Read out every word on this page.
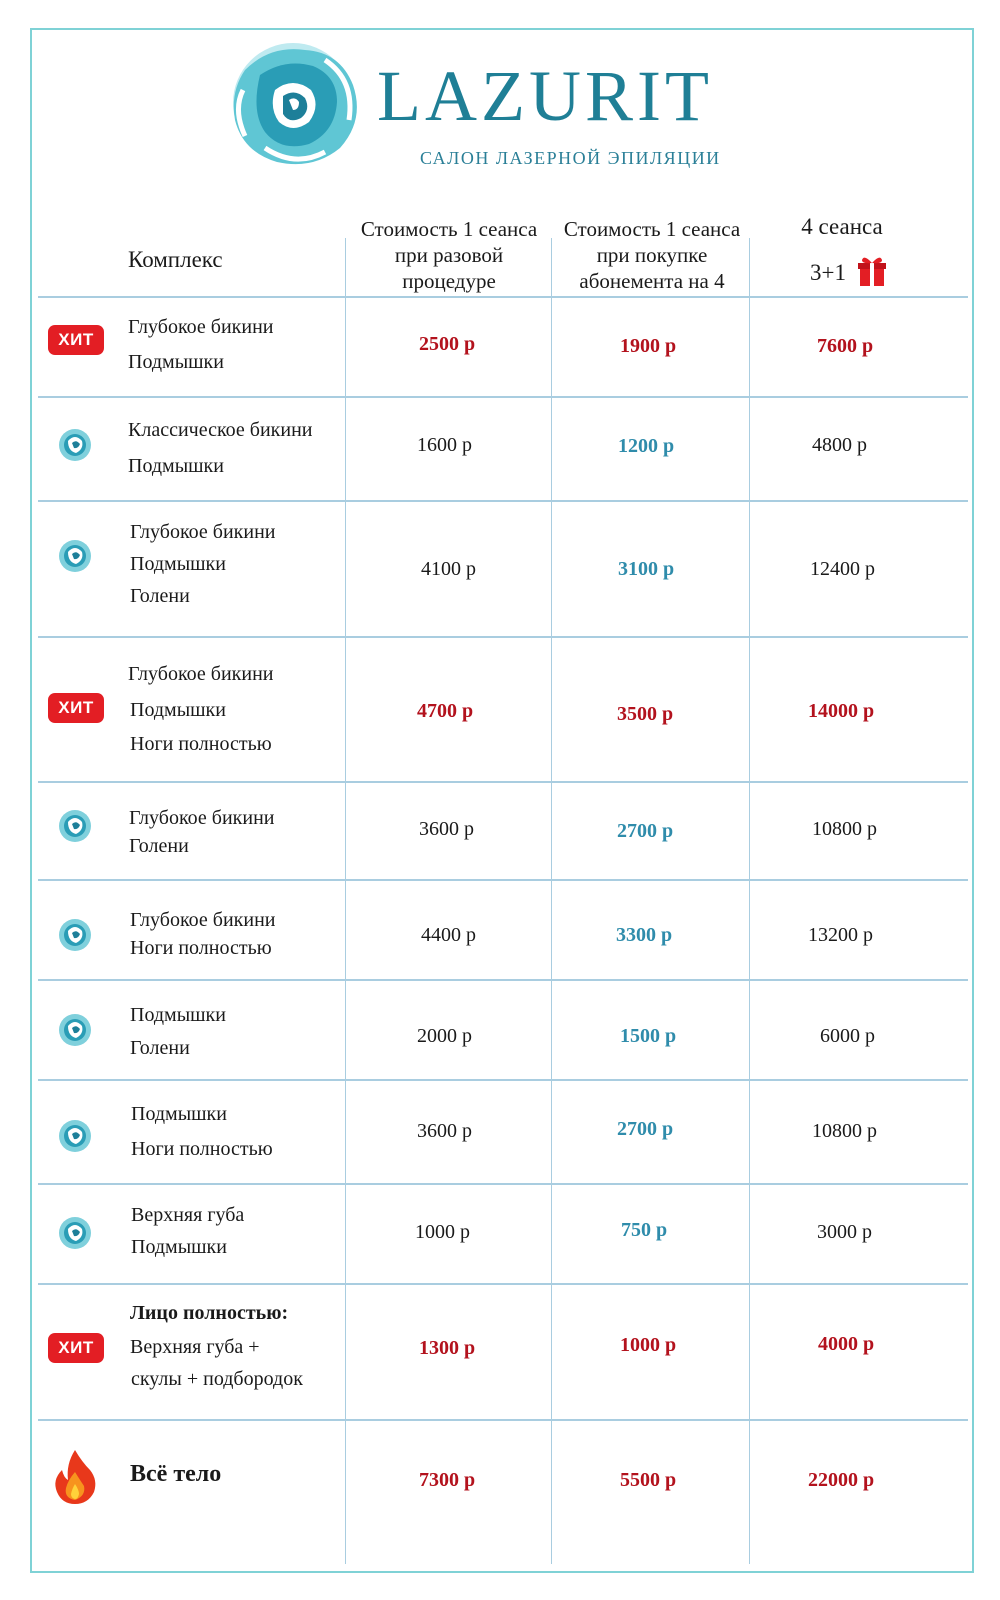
LAZURIT
САЛОН ЛАЗЕРНОЙ ЭПИЛЯЦИИ
Комплекс
Стоимость 1 сеанса
при разовой
процедуре
Стоимость 1 сеанса
при покупке
абонемента на 4
4 сеанса
3+1
ХИТ
Глубокое бикини
Подмышки
2500 р	1900 р	7600 р
Классическое бикини
Подмышки
1600 р	1200 р	4800 р
Глубокое бикини
Подмышки
Голени
4100 р	3100 р	12400 р
ХИТ
Глубокое бикини
Подмышки
Ноги полностью
4700 р	3500 р	14000 р
Глубокое бикини
Голени
3600 р	2700 р	10800 р
Глубокое бикини
Ноги полностью
4400 р	3300 р	13200 р
Подмышки
Голени
2000 р	1500 р	6000 р
Подмышки
Ноги полностью
3600 р	2700 р	10800 р
Верхняя губа
Подмышки
1000 р	750 р	3000 р
ХИТ
Лицо полностью:
Верхняя губа +
скулы + подбородок
1300 р	1000 р	4000 р
Всё тело	7300 р	5500 р	22000 р
